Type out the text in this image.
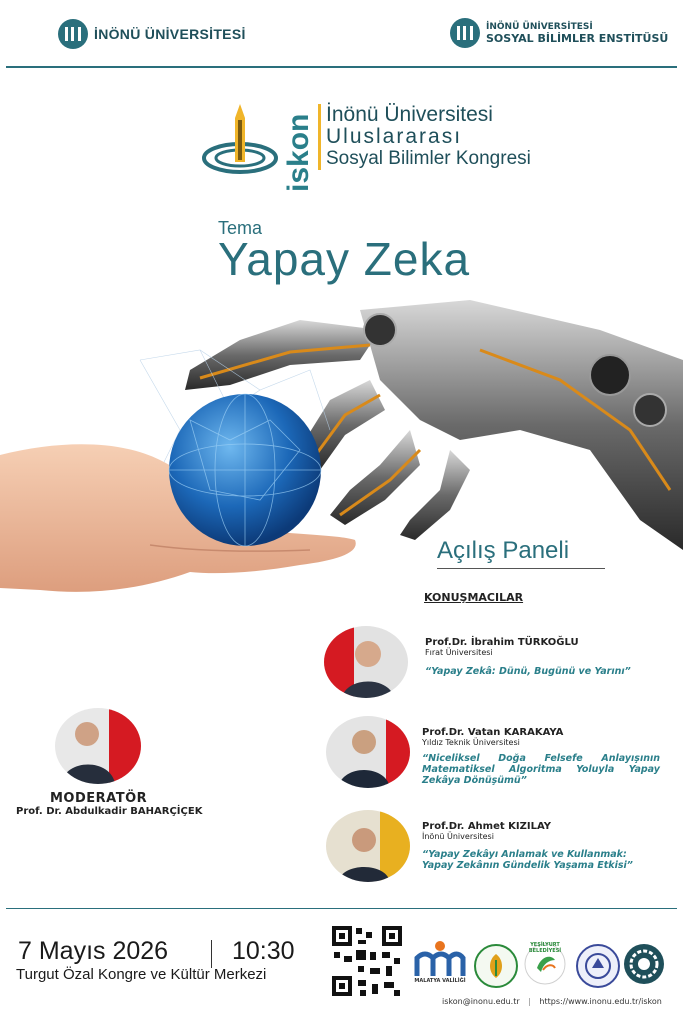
İNÖNÜ ÜNİVERSİTESİ	İNÖNÜ ÜNİVERSİTESİ
SOSYAL BİLİMLER ENSTİTÜSÜ
iskon İnönü Üniversitesi
Uluslararası
Sosyal Bilimler Kongresi
Tema
Yapay Zeka
Açılış Paneli
KONUŞMACILAR
Prof.Dr. İbrahim TÜRKOĞLU
Fırat Üniversitesi
“Yapay Zekâ: Dünü, Bugünü ve Yarını”
Prof.Dr. Vatan KARAKAYA
Yıldız Teknik Üniversitesi
“Niceliksel Doğa Felsefe Anlayışının Matematiksel Algoritma Yoluyla Yapay Zekâya Dönüşümü”
Prof.Dr. Ahmet KIZILAY
İnönü Üniversitesi
“Yapay Zekâyı Anlamak ve Kullanmak: Yapay Zekânın Gündelik Yaşama Etkisi”
MODERATÖR
Prof. Dr. Abdulkadir BAHARÇİÇEK
7 Mayıs 2026	10:30
Turgut Özal Kongre ve Kültür Merkezi	MALATYA VALİLİĞİ
YEŞİLYURT BELEDİYESİ
iskon@inonu.edu.tr | https://www.inonu.edu.tr/iskon
